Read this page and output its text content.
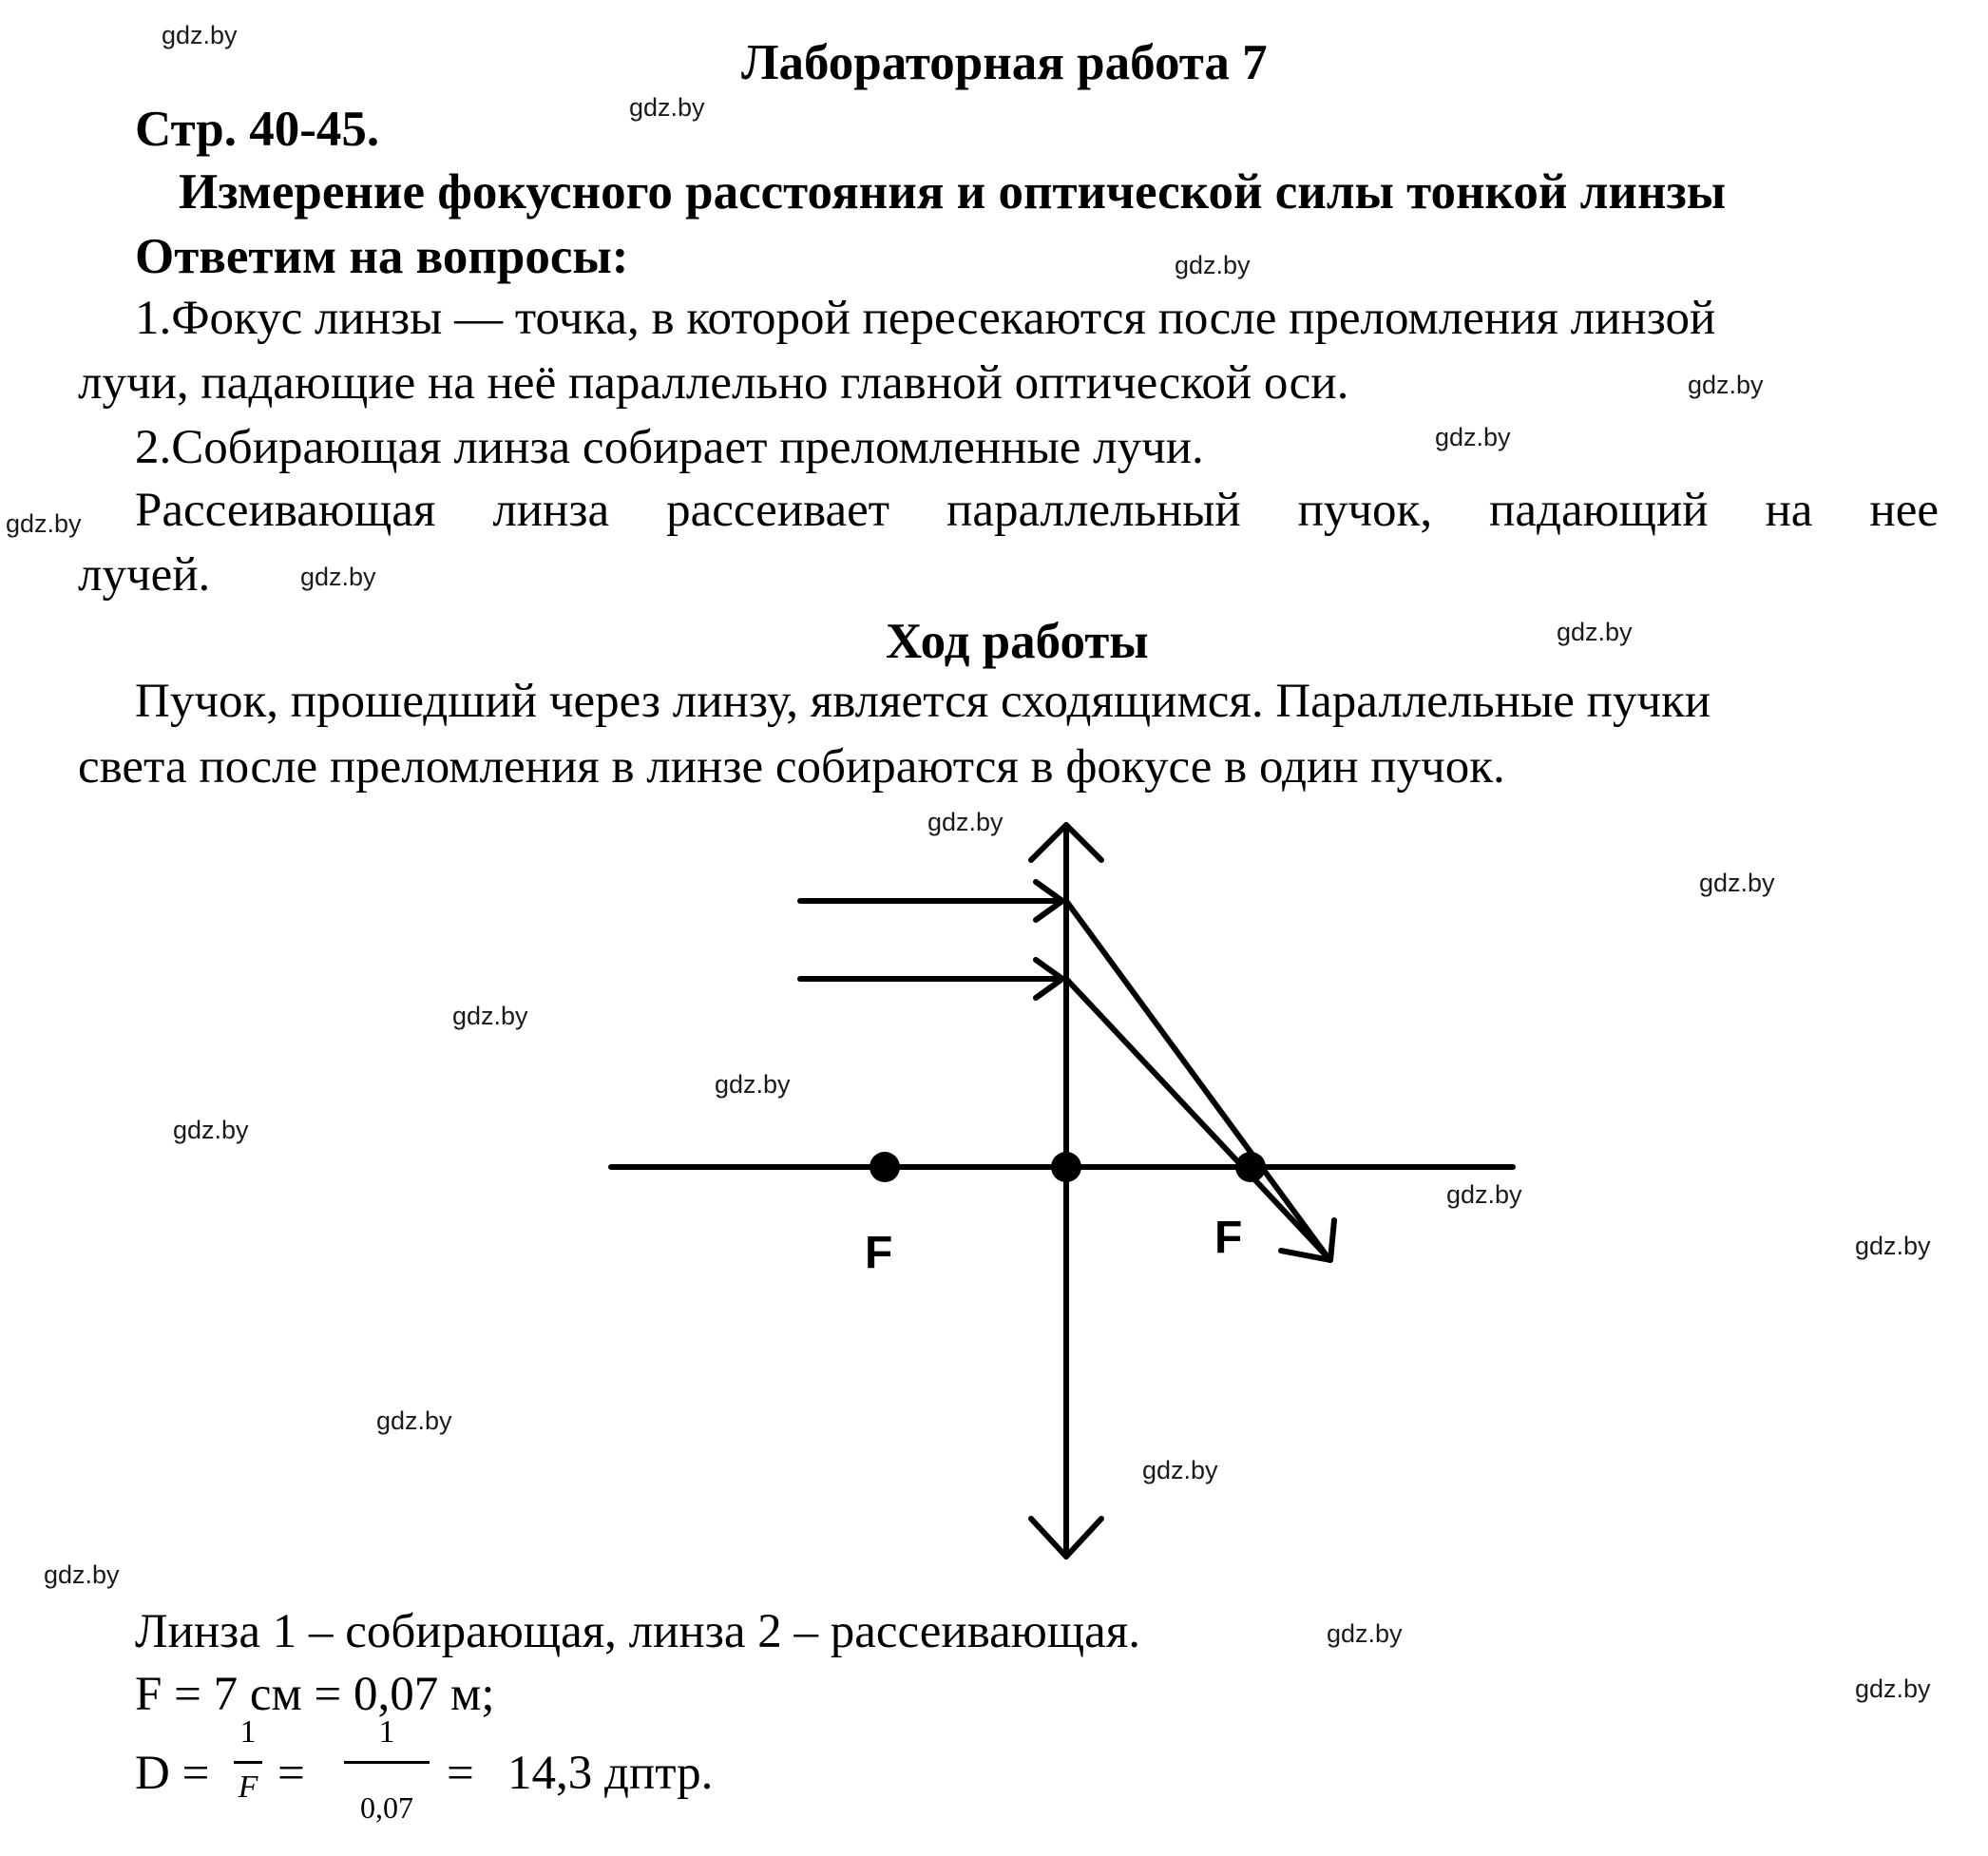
Лабораторная работа 7
Стр. 40-45.
Измерение фокусного расстояния и оптической силы тонкой линзы
Ответим на вопросы:
1.Фокус линзы — точка, в которой пересекаются после преломления линзой
лучи, падающие на неё параллельно главной оптической оси.
2.Собирающая линза собирает преломленные лучи.
Рассеивающая линза рассеивает параллельный пучок, падающий на нее
лучей.
Ход работы
Пучок, прошедший через линзу, является сходящимся. Параллельные пучки
света после преломления в линзе собираются в фокусе в один пучок.
F	F
Линза 1 – собирающая, линза 2 – рассеивающая.
F = 7 см = 0,07 м;
D =
1
F =
1
0,07
= 14,3 дптр.
gdz.by
gdz.by
gdz.by
gdz.by
gdz.by
gdz.by
gdz.by
gdz.by
gdz.by
gdz.by
gdz.by
gdz.by
gdz.by
gdz.by
gdz.by
gdz.by
gdz.by
gdz.by
gdz.by
gdz.by
